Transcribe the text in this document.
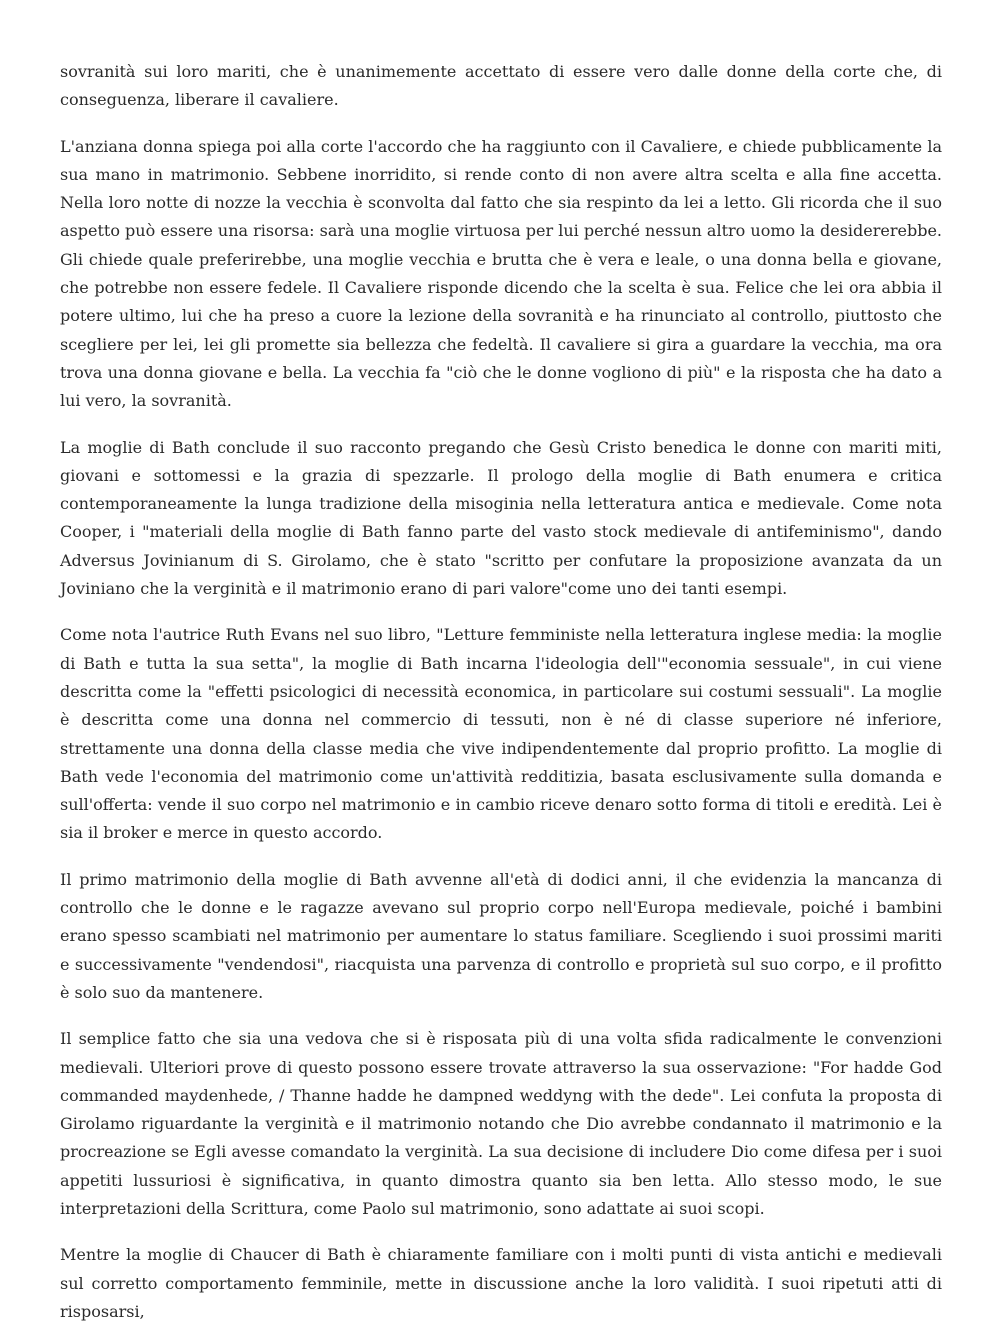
sovranità sui loro mariti, che è unanimemente accettato di essere vero dalle donne della corte che, di conseguenza, liberare il cavaliere.

L'anziana donna spiega poi alla corte l'accordo che ha raggiunto con il Cavaliere, e chiede pubblicamente la sua mano in matrimonio. Sebbene inorridito, si rende conto di non avere altra scelta e alla fine accetta. Nella loro notte di nozze la vecchia è sconvolta dal fatto che sia respinto da lei a letto. Gli ricorda che il suo aspetto può essere una risorsa: sarà una moglie virtuosa per lui perché nessun altro uomo la desidererebbe. Gli chiede quale preferirebbe, una moglie vecchia e brutta che è vera e leale, o una donna bella e giovane, che potrebbe non essere fedele. Il Cavaliere risponde dicendo che la scelta è sua. Felice che lei ora abbia il potere ultimo, lui che ha preso a cuore la lezione della sovranità e ha rinunciato al controllo, piuttosto che scegliere per lei, lei gli promette sia bellezza che fedeltà. Il cavaliere si gira a guardare la vecchia, ma ora trova una donna giovane e bella. La vecchia fa "ciò che le donne vogliono di più" e la risposta che ha dato a lui vero, la sovranità.

La moglie di Bath conclude il suo racconto pregando che Gesù Cristo benedica le donne con mariti miti, giovani e sottomessi e la grazia di spezzarle. Il prologo della moglie di Bath enumera e critica contemporaneamente la lunga tradizione della misoginia nella letteratura antica e medievale. Come nota Cooper, i "materiali della moglie di Bath fanno parte del vasto stock medievale di antifeminismo", dando Adversus Jovinianum di S. Girolamo, che è stato "scritto per confutare la proposizione avanzata da un Joviniano che la verginità e il matrimonio erano di pari valore"come uno dei tanti esempi.

Come nota l'autrice Ruth Evans nel suo libro, "Letture femministe nella letteratura inglese media: la moglie di Bath e tutta la sua setta", la moglie di Bath incarna l'ideologia dell'"economia sessuale", in cui viene descritta come la "effetti psicologici di necessità economica, in particolare sui costumi sessuali". La moglie è descritta come una donna nel commercio di tessuti, non è né di classe superiore né inferiore, strettamente una donna della classe media che vive indipendentemente dal proprio profitto. La moglie di Bath vede l'economia del matrimonio come un'attività redditizia, basata esclusivamente sulla domanda e sull'offerta: vende il suo corpo nel matrimonio e in cambio riceve denaro sotto forma di titoli e eredità. Lei è sia il broker e merce in questo accordo.

Il primo matrimonio della moglie di Bath avvenne all'età di dodici anni, il che evidenzia la mancanza di controllo che le donne e le ragazze avevano sul proprio corpo nell'Europa medievale, poiché i bambini erano spesso scambiati nel matrimonio per aumentare lo status familiare. Scegliendo i suoi prossimi mariti e successivamente "vendendosi", riacquista una parvenza di controllo e proprietà sul suo corpo, e il profitto è solo suo da mantenere.

Il semplice fatto che sia una vedova che si è risposata più di una volta sfida radicalmente le convenzioni medievali. Ulteriori prove di questo possono essere trovate attraverso la sua osservazione: "For hadde God commanded maydenhede, / Thanne hadde he dampned weddyng with the dede". Lei confuta la proposta di Girolamo riguardante la verginità e il matrimonio notando che Dio avrebbe condannato il matrimonio e la procreazione se Egli avesse comandato la verginità. La sua decisione di includere Dio come difesa per i suoi appetiti lussuriosi è significativa, in quanto dimostra quanto sia ben letta. Allo stesso modo, le sue interpretazioni della Scrittura, come Paolo sul matrimonio, sono adattate ai suoi scopi.

Mentre la moglie di Chaucer di Bath è chiaramente familiare con i molti punti di vista antichi e medievali sul corretto comportamento femminile, mette in discussione anche la loro validità. I suoi ripetuti atti di risposarsi,
